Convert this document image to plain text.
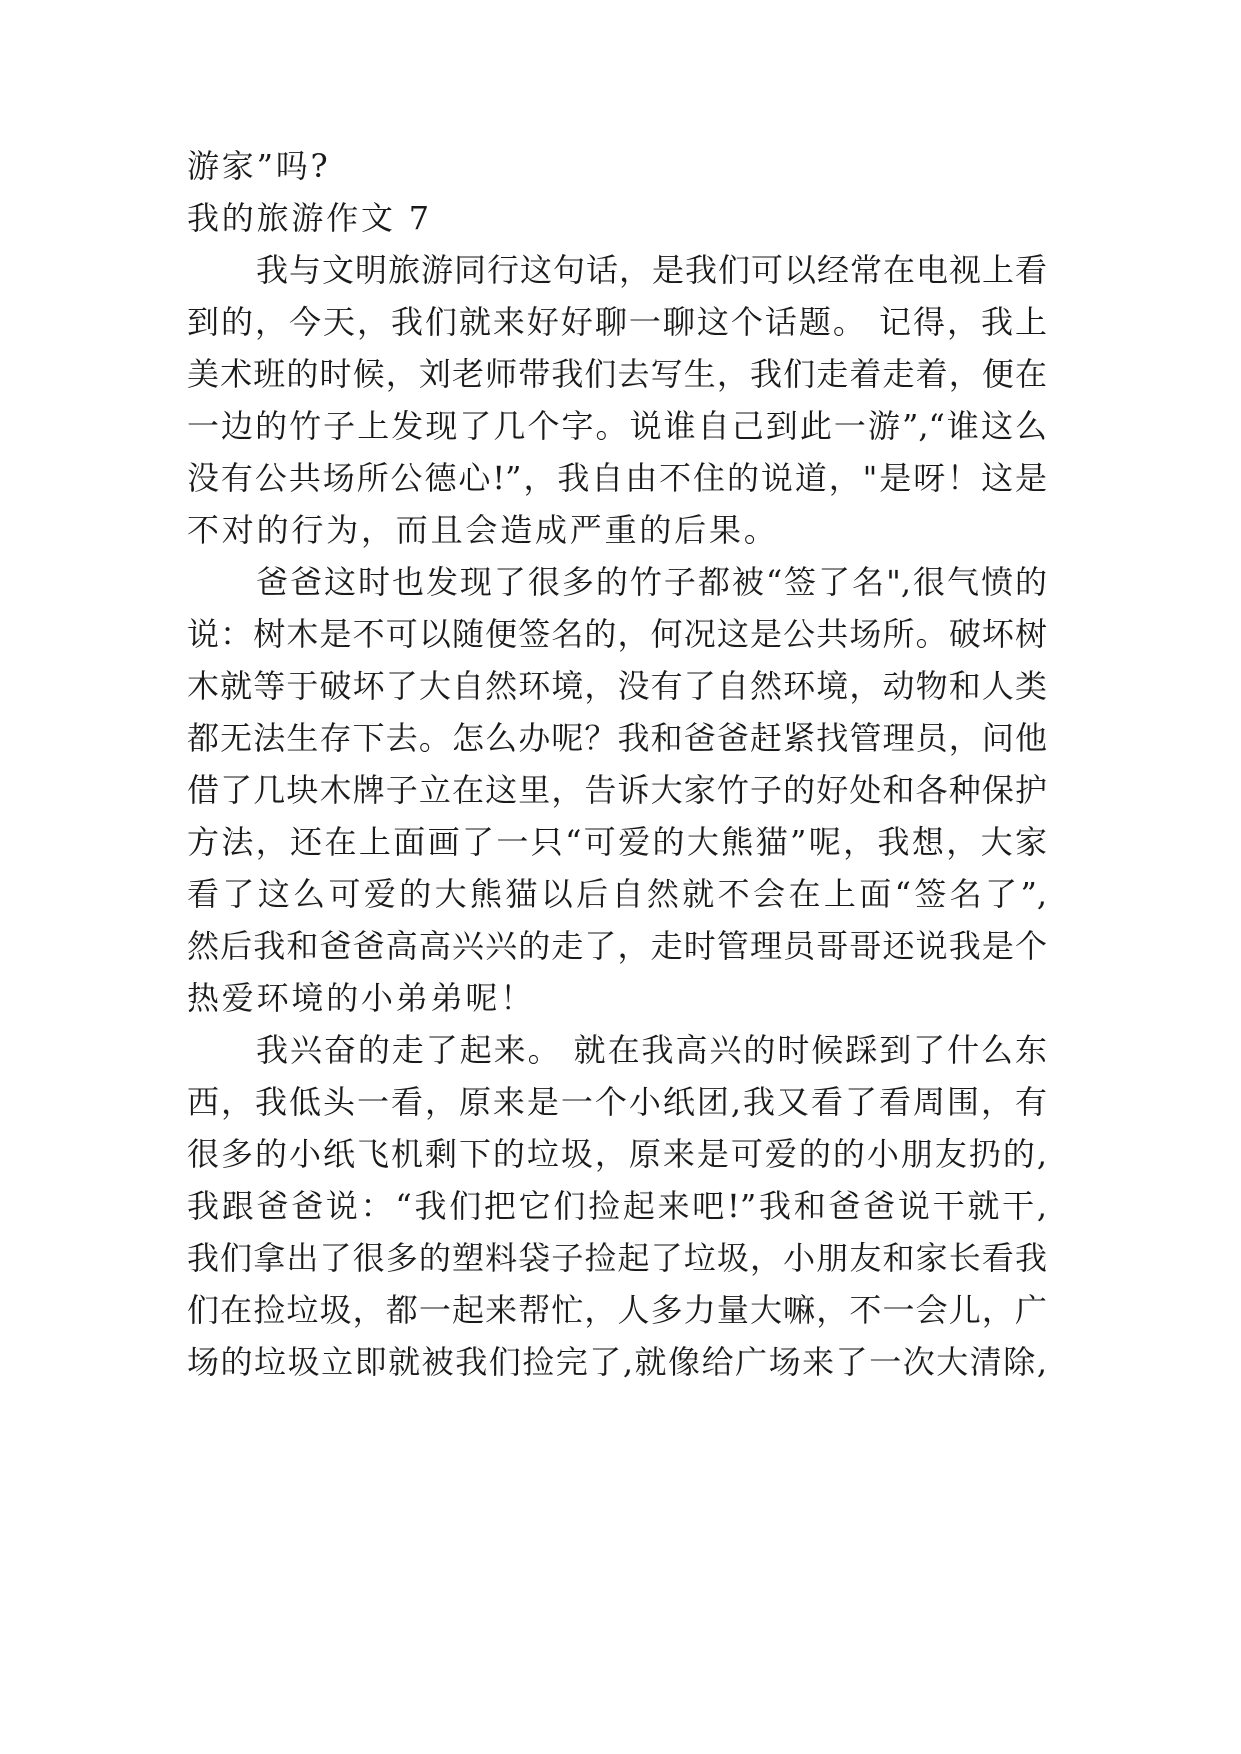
游家”吗?
我的旅游作文 7
我与文明旅游同行这句话，是我们可以经常在电视上看
到的，今天，我们就来好好聊一聊这个话题。 记得，我上
美术班的时候，刘老师带我们去写生，我们走着走着，便在
一边的竹子上发现了几个字。说谁自己到此一游”,“谁这么
没有公共场所公德心!”，我自由不住的说道，"是呀！这是
不对的行为，而且会造成严重的后果。
爸爸这时也发现了很多的竹子都被“签了名",很气愤的
说：树木是不可以随便签名的，何况这是公共场所。破坏树
木就等于破坏了大自然环境，没有了自然环境，动物和人类
都无法生存下去。怎么办呢？我和爸爸赶紧找管理员，问他
借了几块木牌子立在这里，告诉大家竹子的好处和各种保护
方法，还在上面画了一只“可爱的大熊猫”呢，我想，大家
看了这么可爱的大熊猫以后自然就不会在上面“签名了”,
然后我和爸爸高高兴兴的走了，走时管理员哥哥还说我是个
热爱环境的小弟弟呢！
我兴奋的走了起来。 就在我高兴的时候踩到了什么东
西，我低头一看，原来是一个小纸团,我又看了看周围，有
很多的小纸飞机剩下的垃圾，原来是可爱的的小朋友扔的,
我跟爸爸说：“我们把它们捡起来吧!”我和爸爸说干就干,
我们拿出了很多的塑料袋子捡起了垃圾，小朋友和家长看我
们在捡垃圾，都一起来帮忙，人多力量大嘛，不一会儿，广
场的垃圾立即就被我们捡完了,就像给广场来了一次大清除,
